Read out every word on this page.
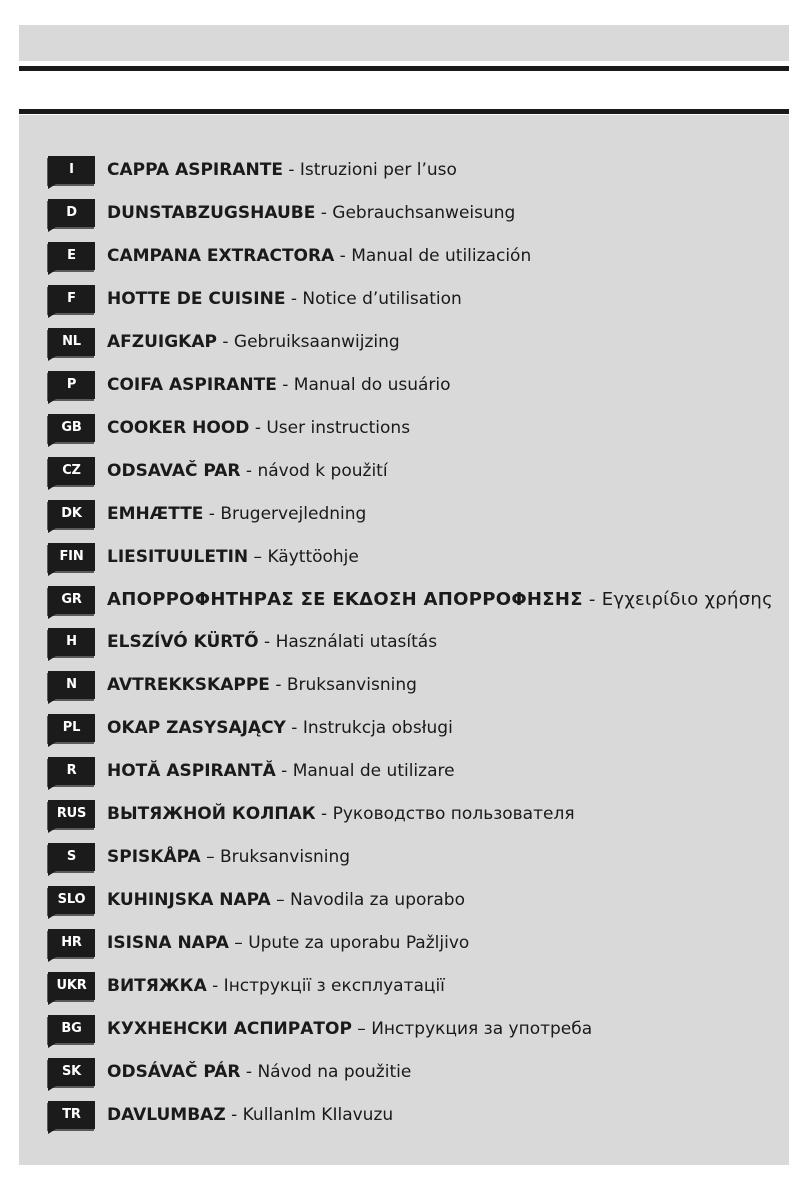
I	CAPPA ASPIRANTE - Istruzioni per l’uso
D	DUNSTABZUGSHAUBE - Gebrauchsanweisung
E	CAMPANA EXTRACTORA - Manual de utilización
F	HOTTE DE CUISINE - Notice d’utilisation
NL	AFZUIGKAP - Gebruiksaanwijzing
P	COIFA ASPIRANTE - Manual do usuário
GB	COOKER HOOD - User instructions
CZ	ODSAVAČ PAR - návod k použití
DK	EMHÆTTE - Brugervejledning
FIN	LIESITUULETIN – Käyttöohje
GR	ΑΠΟΡΡΟΦΗΤΗΡΑΣ ΣΕ ΕΚΔΟΣΗ ΑΠΟΡΡΟΦΗΣΗΣ - Εγχειρίδιο χρήσης
H	ELSZÍVÓ KÜRTŐ - Használati utasítás
N	AVTREKKSKAPPE - Bruksanvisning
PL	OKAP ZASYSAJĄCY - Instrukcja obsługi
R	HOTĂ ASPIRANTĂ - Manual de utilizare
RUS	ВЫТЯЖНОЙ КОЛПАК - Руководство пользователя
S	SPISKÅPA – Bruksanvisning
SLO	KUHINJSKA NAPA – Navodila za uporabo
HR	ISISNA NAPA – Upute za uporabu Pažljivo
UKR	ВИТЯЖКА - Інструкції з експлуатації
BG	КУХНЕНСКИ АСПИРАТОР – Инструкция за употреба
SK	ODSÁVAČ PÁR - Návod na použitie
TR	DAVLUMBAZ - KullanIm KIlavuzu
